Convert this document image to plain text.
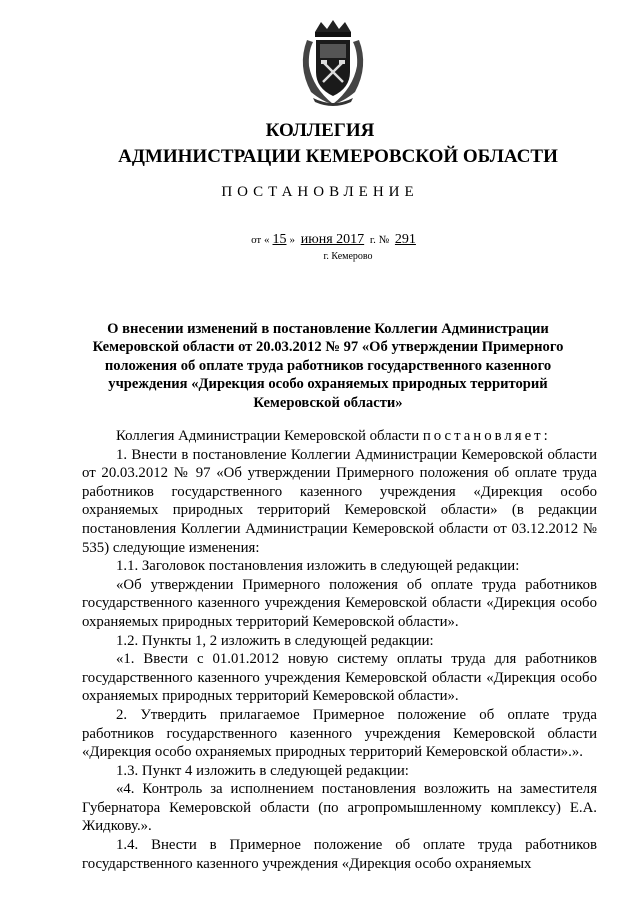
КОЛЛЕГИЯ
АДМИНИСТРАЦИИ КЕМЕРОВСКОЙ ОБЛАСТИ
ПОСТАНОВЛЕНИЕ
от « 15 » июня 2017 г. № 291
г. Кемерово
О внесении изменений в постановление Коллегии Администрации Кемеровской области от 20.03.2012 № 97 «Об утверждении Примерного положения об оплате труда работников государственного казенного учреждения «Дирекция особо охраняемых природных территорий Кемеровской области»

Коллегия Администрации Кемеровской области постановляет:

1. Внести в постановление Коллегии Администрации Кемеровской области от 20.03.2012 № 97 «Об утверждении Примерного положения об оплате труда работников государственного казенного учреждения «Дирекция особо охраняемых природных территорий Кемеровской области» (в редакции постановления Коллегии Администрации Кемеровской области от 03.12.2012 № 535) следующие изменения:

1.1. Заголовок постановления изложить в следующей редакции:

«Об утверждении Примерного положения об оплате труда работников государственного казенного учреждения Кемеровской области «Дирекция особо охраняемых природных территорий Кемеровской области».

1.2. Пункты 1, 2 изложить в следующей редакции:

«1. Ввести с 01.01.2012 новую систему оплаты труда для работников государственного казенного учреждения Кемеровской области «Дирекция особо охраняемых природных территорий Кемеровской области».

2. Утвердить прилагаемое Примерное положение об оплате труда работников государственного казенного учреждения Кемеровской области «Дирекция особо охраняемых природных территорий Кемеровской области».».

1.3. Пункт 4 изложить в следующей редакции:

«4. Контроль за исполнением постановления возложить на заместителя Губернатора Кемеровской области (по агропромышленному комплексу) Е.А. Жидкову.».

1.4. Внести в Примерное положение об оплате труда работников государственного казенного учреждения «Дирекция особо охраняемых
